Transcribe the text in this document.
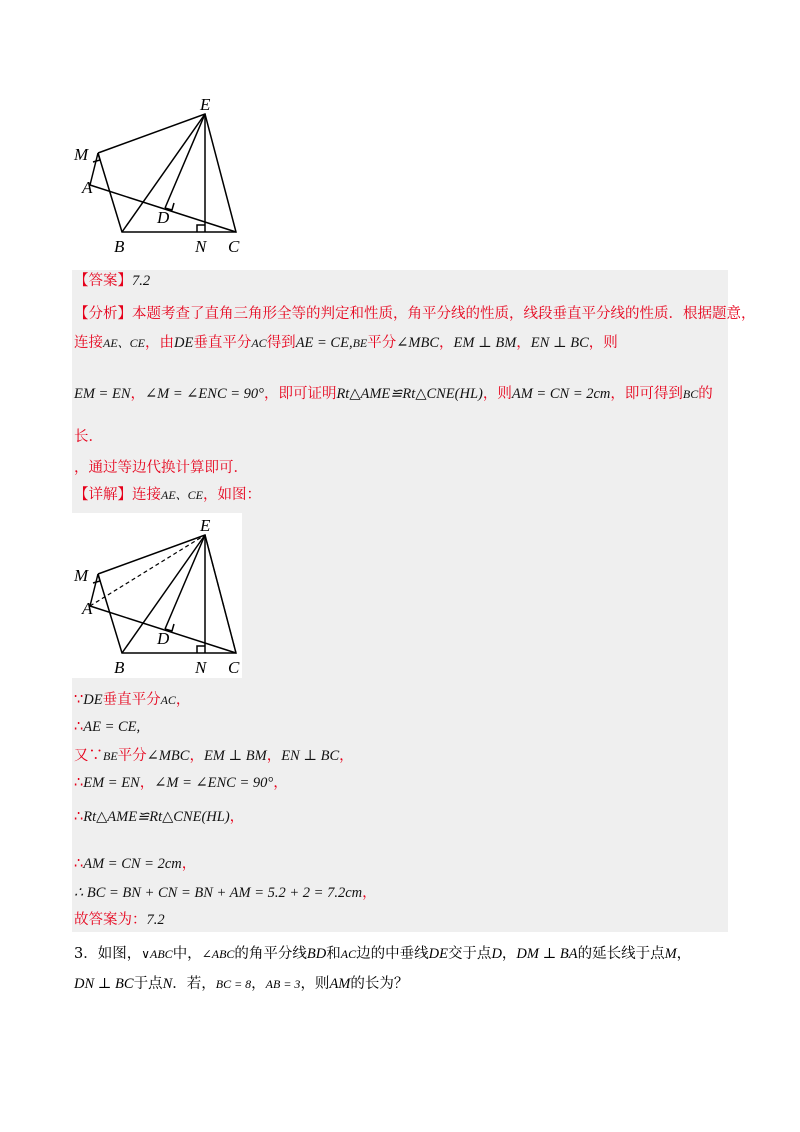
E
M
A
D
B	N C
【答案】7.2
【分析】本题考查了直角三角形全等的判定和性质，角平分线的性质，线段垂直平分线的性质．根据题意，
连接AE、CE，由DE垂直平分AC得到AE = CE,BE平分∠MBC，EM ⊥ BM，EN ⊥ BC，则
EM = EN，∠M = ∠ENC = 90°，即可证明Rt△AME≌Rt△CNE(HL)，则AM = CN = 2cm，即可得到BC的
长．
，通过等边代换计算即可．
【详解】连接AE、CE，如图：
E
M
A
D
B	N C
∵DE垂直平分AC，
∴AE = CE,
又∵BE平分∠MBC，EM ⊥ BM，EN ⊥ BC，
∴EM = EN，∠M = ∠ENC = 90°，
∴Rt△AME≌Rt△CNE(HL)，
∴AM = CN = 2cm，
∴ BC = BN + CN = BN + AM = 5.2 + 2 = 7.2cm，
故答案为：7.2
3．如图，∨ABC中，∠ABC的角平分线BD和AC边的中垂线DE交于点D，DM ⊥ BA的延长线于点M，
DN ⊥ BC于点N．若，BC = 8，AB = 3，则AM的长为？
